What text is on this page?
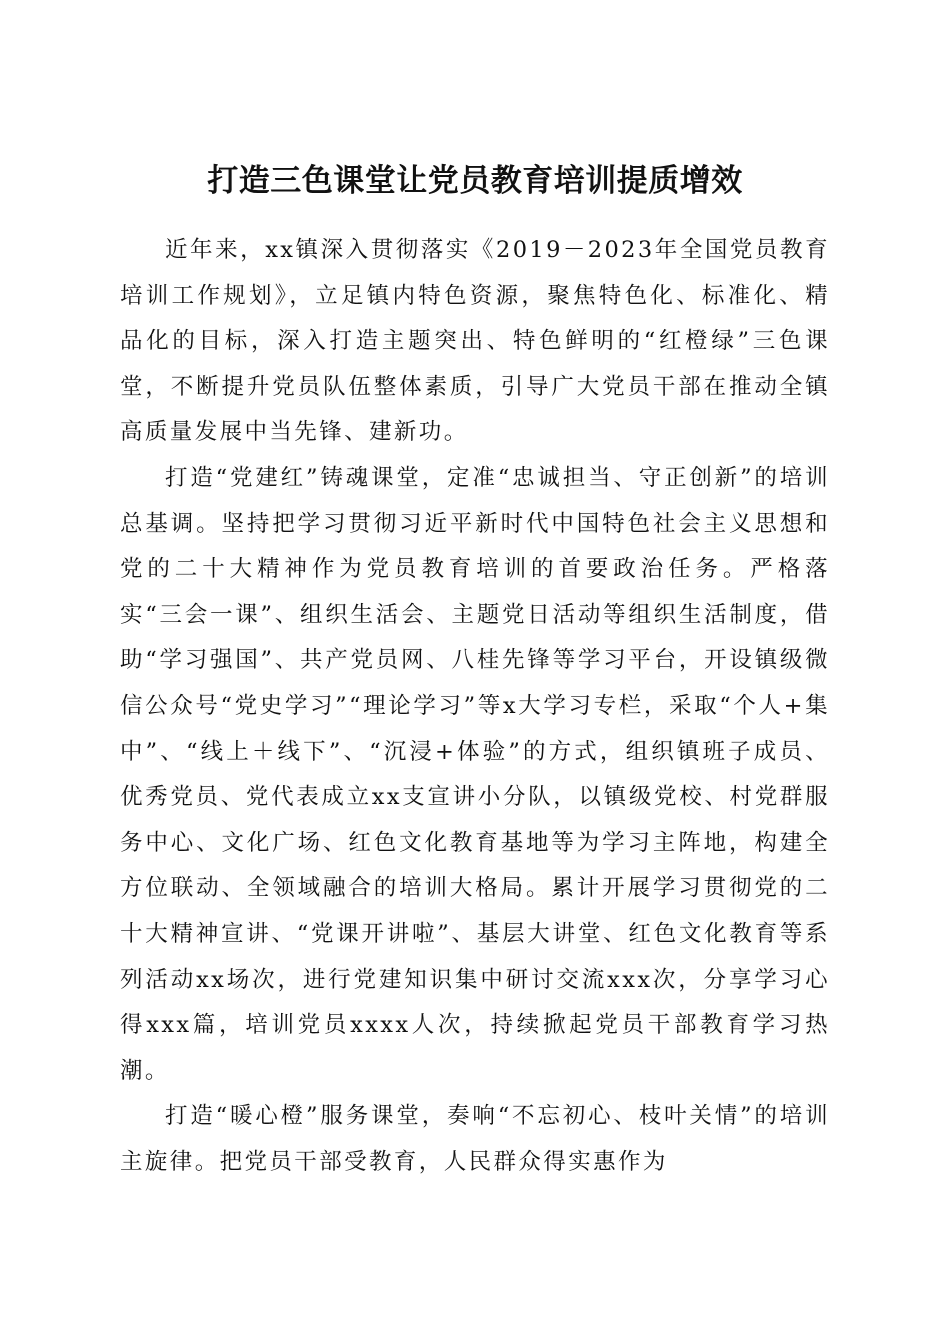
打造三色课堂让党员教育培训提质增效

近年来，xx镇深入贯彻落实《2019－2023年全国党员教育培训工作规划》，立足镇内特色资源，聚焦特色化、标准化、精品化的目标，深入打造主题突出、特色鲜明的“红橙绿”三色课堂，不断提升党员队伍整体素质，引导广大党员干部在推动全镇高质量发展中当先锋、建新功。

打造“党建红”铸魂课堂，定准“忠诚担当、守正创新”的培训总基调。坚持把学习贯彻习近平新时代中国特色社会主义思想和党的二十大精神作为党员教育培训的首要政治任务。严格落实“三会一课”、组织生活会、主题党日活动等组织生活制度，借助“学习强国”、共产党员网、八桂先锋等学习平台，开设镇级微信公众号“党史学习”“理论学习”等x大学习专栏，采取“个人+集中”、“线上＋线下”、“沉浸+体验”的方式，组织镇班子成员、优秀党员、党代表成立xx支宣讲小分队，以镇级党校、村党群服务中心、文化广场、红色文化教育基地等为学习主阵地，构建全方位联动、全领域融合的培训大格局。累计开展学习贯彻党的二十大精神宣讲、“党课开讲啦”、基层大讲堂、红色文化教育等系列活动xx场次，进行党建知识集中研讨交流xxx次，分享学习心得xxx篇，培训党员xxxx人次，持续掀起党员干部教育学习热潮。

打造“暖心橙”服务课堂，奏响“不忘初心、枝叶关情”的培训主旋律。把党员干部受教育，人民群众得实惠作为
